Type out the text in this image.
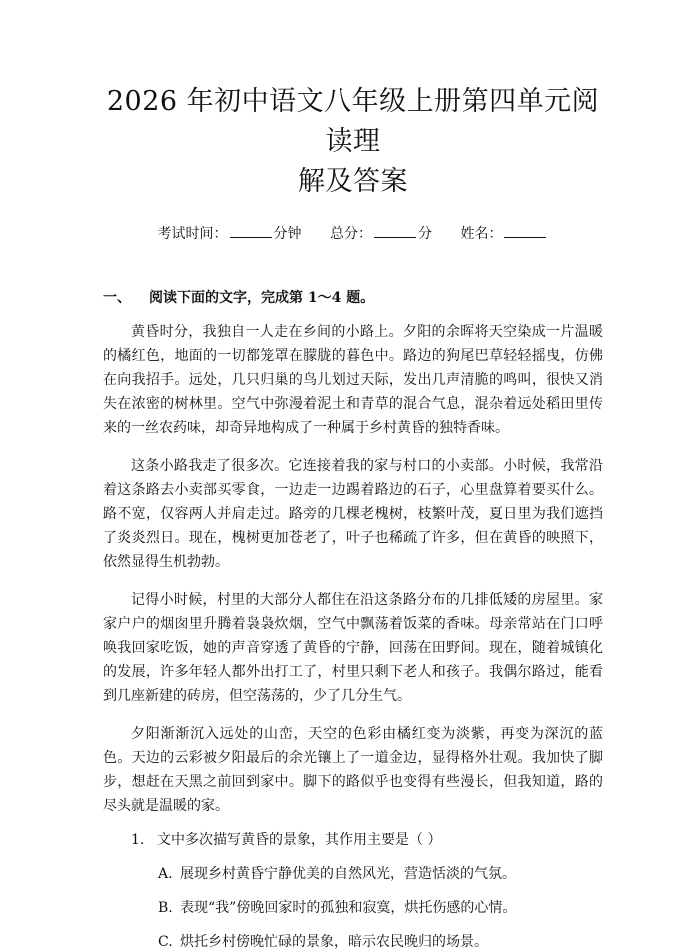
2026 年初中语文八年级上册第四单元阅读理
解及答案
考试时间：	分钟 总分：	分 姓名：
一、 阅读下面的文字，完成第 1～4 题。

黄昏时分，我独自一人走在乡间的小路上。夕阳的余晖将天空染成一片温暖的橘红色，地面的一切都笼罩在朦胧的暮色中。路边的狗尾巴草轻轻摇曳，仿佛在向我招手。远处，几只归巢的鸟儿划过天际，发出几声清脆的鸣叫，很快又消失在浓密的树林里。空气中弥漫着泥土和青草的混合气息，混杂着远处稻田里传来的一丝农药味，却奇异地构成了一种属于乡村黄昏的独特香味。

这条小路我走了很多次。它连接着我的家与村口的小卖部。小时候，我常沿着这条路去小卖部买零食，一边走一边踢着路边的石子，心里盘算着要买什么。路不宽，仅容两人并肩走过。路旁的几棵老槐树，枝繁叶茂，夏日里为我们遮挡了炎炎烈日。现在，槐树更加苍老了，叶子也稀疏了许多，但在黄昏的映照下，依然显得生机勃勃。

记得小时候，村里的大部分人都住在沿这条路分布的几排低矮的房屋里。家家户户的烟囱里升腾着袅袅炊烟，空气中飘荡着饭菜的香味。母亲常站在门口呼唤我回家吃饭，她的声音穿透了黄昏的宁静，回荡在田野间。现在，随着城镇化的发展，许多年轻人都外出打工了，村里只剩下老人和孩子。我偶尔路过，能看到几座新建的砖房，但空荡荡的，少了几分生气。

夕阳渐渐沉入远处的山峦，天空的色彩由橘红变为淡紫，再变为深沉的蓝色。天边的云彩被夕阳最后的余光镶上了一道金边，显得格外壮观。我加快了脚步，想赶在天黑之前回到家中。脚下的路似乎也变得有些漫长，但我知道，路的尽头就是温暖的家。

1. 文中多次描写黄昏的景象，其作用主要是（ ）
A. 展现乡村黄昏宁静优美的自然风光，营造恬淡的气氛。
B. 表现“我”傍晚回家时的孤独和寂寞，烘托伤感的心情。
C. 烘托乡村傍晚忙碌的景象，暗示农民晚归的场景。
